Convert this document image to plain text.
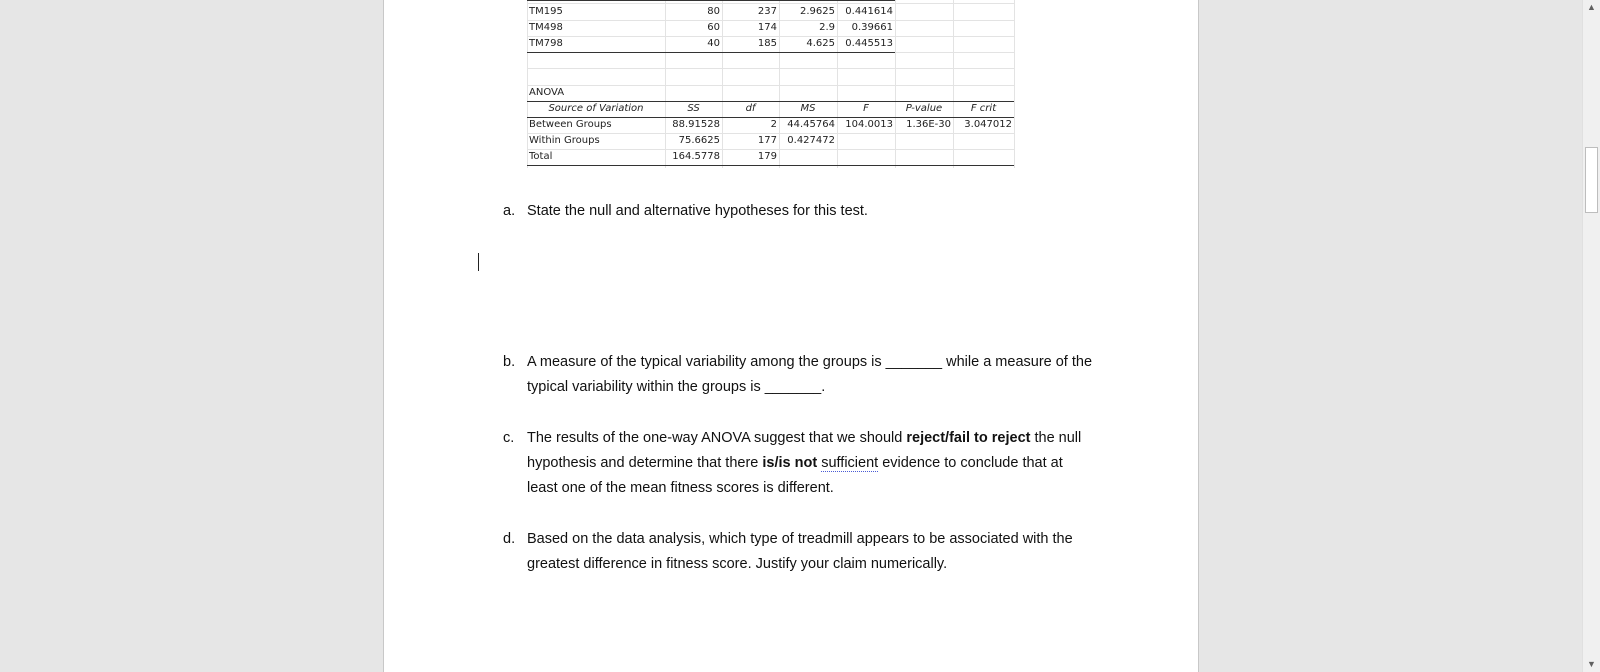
TM195	80	237	2.9625	0.441614
TM498	60	174	2.9	0.39661
TM798	40	185	4.625	0.445513
ANOVA
Source of Variation	SS	df	MS	F	P-value	F crit
Between Groups	88.91528	2	44.45764	104.0013	1.36E-30	3.047012
Within Groups	75.6625	177	0.427472
Total	164.5778	179
a. State the null and alternative hypotheses for this test.
b. A measure of the typical variability among the groups is _______ while a measure of the
typical variability within the groups is _______.
c. The results of the one-way ANOVA suggest that we should reject/fail to reject the null
hypothesis and determine that there is/is not sufficient evidence to conclude that at
least one of the mean fitness scores is different.
d. Based on the data analysis, which type of treadmill appears to be associated with the
greatest difference in fitness score. Justify your claim numerically.
▲
▼
